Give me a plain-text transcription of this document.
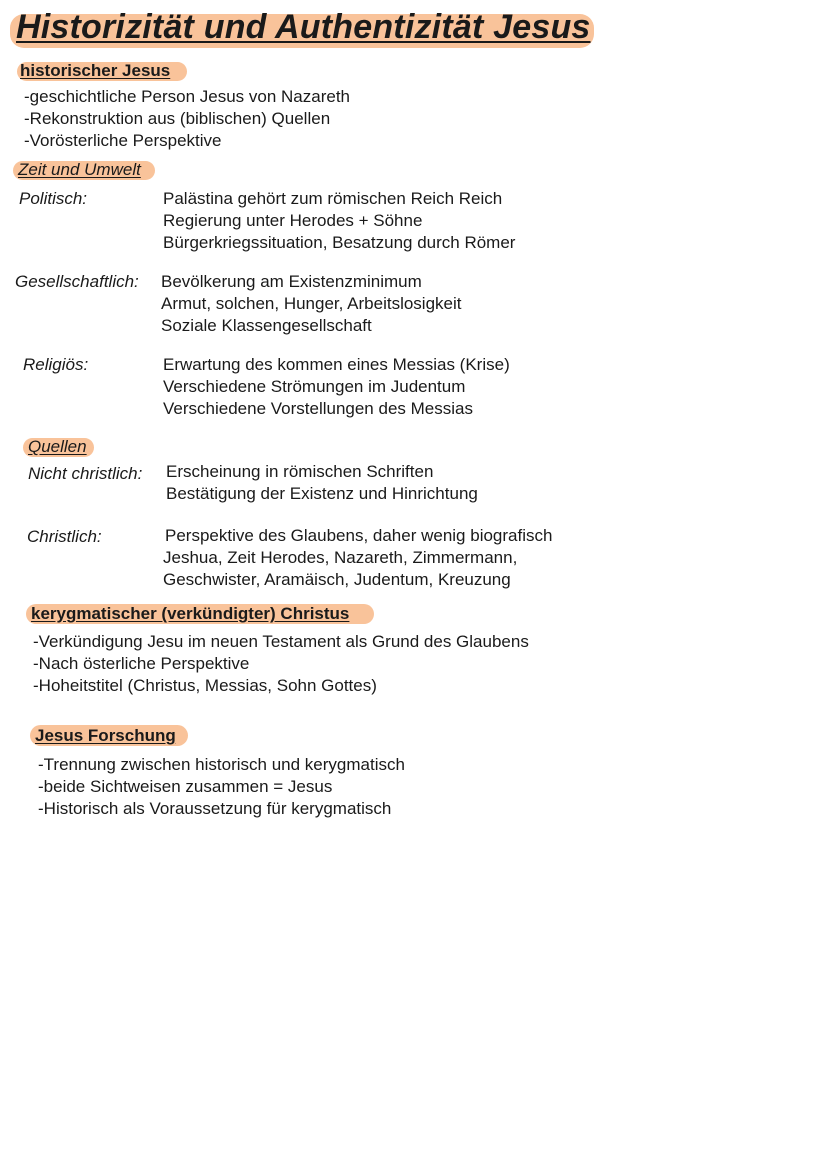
Historizität und Authentizität Jesus
historischer Jesus
-geschichtliche Person Jesus von Nazareth
-Rekonstruktion aus (biblischen) Quellen
-Vorösterliche Perspektive
Zeit und Umwelt
Politisch:	Palästina gehört zum römischen Reich Reich
Regierung unter Herodes + Söhne
Bürgerkriegssituation, Besatzung durch Römer
Gesellschaftlich: Bevölkerung am Existenzminimum
Armut, solchen, Hunger, Arbeitslosigkeit
Soziale Klassengesellschaft
Religiös:	Erwartung des kommen eines Messias (Krise)
Verschiedene Strömungen im Judentum
Verschiedene Vorstellungen des Messias
Quellen
Nicht christlich: Erscheinung in römischen Schriften
Bestätigung der Existenz und Hinrichtung
Christlich:	Perspektive des Glaubens, daher wenig biografisch
Jeshua, Zeit Herodes, Nazareth, Zimmermann,
Geschwister, Aramäisch, Judentum, Kreuzung
kerygmatischer (verkündigter) Christus
-Verkündigung Jesu im neuen Testament als Grund des Glaubens
-Nach österliche Perspektive
-Hoheitstitel (Christus, Messias, Sohn Gottes)
Jesus Forschung
-Trennung zwischen historisch und kerygmatisch
-beide Sichtweisen zusammen = Jesus
-Historisch als Voraussetzung für kerygmatisch
